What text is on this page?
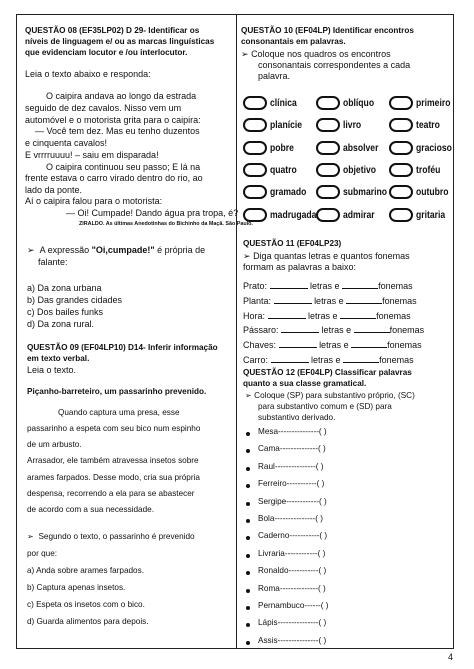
QUESTÃO 08 (EF35LP02) D 29- Identificar os
níveis de linguagem e/ ou as marcas linguísticas
que evidenciam locutor e /ou interlocutor.
Leia o texto abaixo e responda:
O caipira andava ao longo da estrada
seguido de dez cavalos. Nisso vem um
automóvel e o motorista grita para o caipira:
— Você tem dez. Mas eu tenho duzentos
e cinquenta cavalos!
E vrrrruuuu! – saiu em disparada!
O caipira continuou seu passo; E lá na
frente estava o carro virado dentro do rio, ao
lado da ponte.
Aí o caipira falou para o motorista:
— Oi! Cumpade! Dando água pra tropa, é?
ZIRALDO. As últimas Anedotinhas do Bichinho da Maçã. São Paulo.
➢ A expressão "Oi,cumpade!" é própria de
falante:
a) Da zona urbana
b) Das grandes cidades
c) Dos bailes funks
d) Da zona rural.
QUESTÃO 09 (EF04LP10) D14- Inferir informação
em texto verbal.
Leia o texto.
Piçanho-barreteiro, um passarinho prevenido.
Quando captura uma presa, esse
passarinho a espeta com seu bico num espinho
de um arbusto.
Arrasador, ele também atravessa insetos sobre
arames farpados. Desse modo, cria sua própria
despensa, recorrendo a ela para se abastecer
de acordo com a sua necessidade.
➢ Segundo o texto, o passarinho é prevenido
por que:
a) Anda sobre arames farpados.
b) Captura apenas insetos.
c) Espeta os insetos com o bico.
d) Guarda alimentos para depois.
QUESTÃO 10 (EF04LP) Identificar encontros
consonantais em palavras.
➢ Coloque nos quadros os encontros
consonantais correspondentes a cada
palavra.
clínica	oblíquo	primeiro
planície	livro	teatro
pobre	absolver	gracioso
quatro	objetivo	troféu
gramado	submarino	outubro
madrugada	admirar	gritaria
QUESTÃO 11 (EF04LP23)
➢ Diga quantas letras e quantos fonemas
formam as palavras a baixo:
Prato:	letras e	fonemas
Planta:	letras e	fonemas
Hora:	letras e	fonemas
Pássaro:	letras e	fonemas
Chaves:	letras e	fonemas
Carro:	letras e	fonemas
QUESTÃO 12 (EF04LP) Classificar palavras
quanto a sua classe gramatical.
➢ Coloque (SP) para substantivo próprio, (SC)
para substantivo comum e (SD) para
substantivo derivado.
Mesa---------------( )
Cama--------------( )
Raul---------------( )
Ferreiro-----------( )
Sergipe------------( )
Bola---------------( )
Caderno-----------( )
Livraria------------( )
Ronaldo-----------( )
Roma--------------( )
Pernambuco------( )
Lápis---------------( )
Assis---------------( )
4
